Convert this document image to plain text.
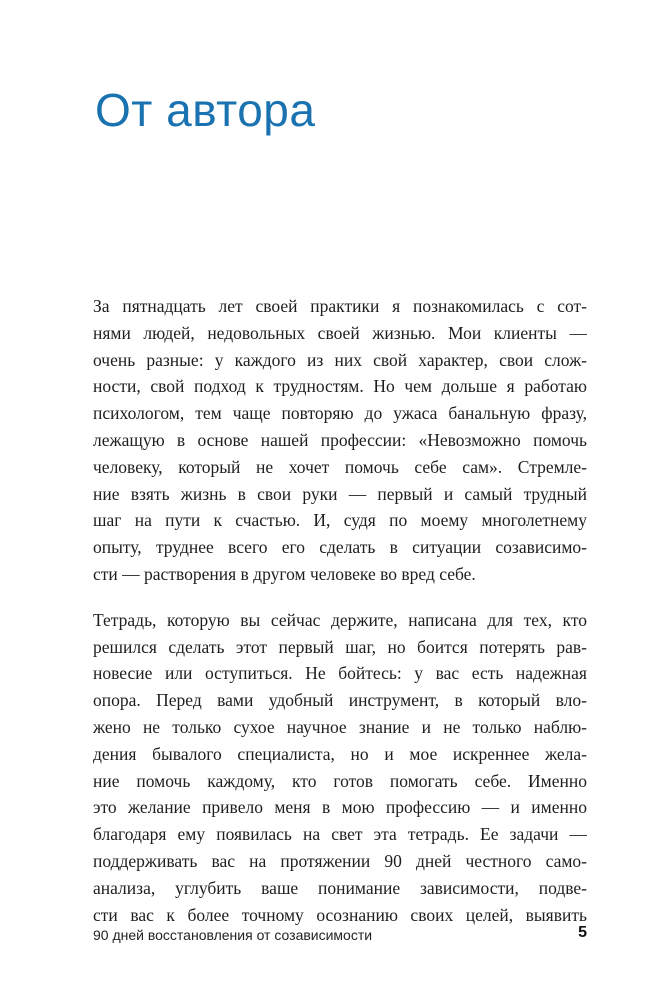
От автора
За пятнадцать лет своей практики я познакомилась с сот-
нями людей, недовольных своей жизнью. Мои клиенты —
очень разные: у каждого из них свой характер, свои слож-
ности, свой подход к трудностям. Но чем дольше я работаю
психологом, тем чаще повторяю до ужаса банальную фразу,
лежащую в основе нашей профессии: «Невозможно помочь
человеку, который не хочет помочь себе сам». Стремле-
ние взять жизнь в свои руки — первый и самый трудный
шаг на пути к счастью. И, судя по моему многолетнему
опыту, труднее всего его сделать в ситуации созависимо-
сти — растворения в другом человеке во вред себе.
Тетрадь, которую вы сейчас держите, написана для тех, кто
решился сделать этот первый шаг, но боится потерять рав-
новесие или оступиться. Не бойтесь: у вас есть надежная
опора. Перед вами удобный инструмент, в который вло-
жено не только сухое научное знание и не только наблю-
дения бывалого специалиста, но и мое искреннее жела-
ние помочь каждому, кто готов помогать себе. Именно
это желание привело меня в мою профессию — и именно
благодаря ему появилась на свет эта тетрадь. Ее задачи —
поддерживать вас на протяжении 90 дней честного само-
анализа, углубить ваше понимание зависимости, подве-
сти вас к более точному осознанию своих целей, выявить
90 дней восстановления от созависимости	5
